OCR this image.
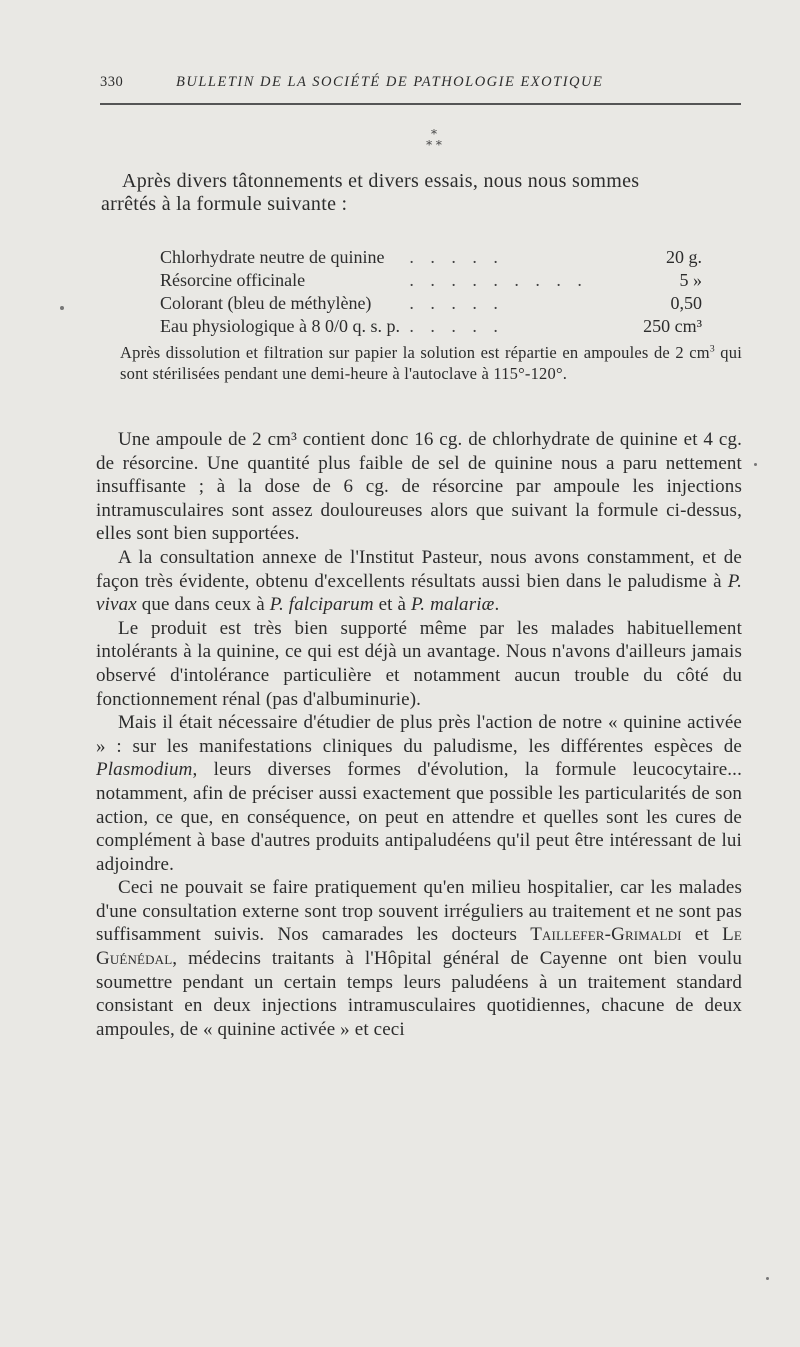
330	BULLETIN DE LA SOCIÉTÉ DE PATHOLOGIE EXOTIQUE
*
* *

Après divers tâtonnements et divers essais, nous nous sommes

arrêtés à la formule suivante :

Chlorhydrate neutre de quinine	. . . . .	20 g.
Résorcine officinale	. . . . . . . . .	5 »
Colorant (bleu de méthylène)	. . . . .	0,50
Eau physiologique à 8 0/0 q. s. p.	. . . . .	250 cm³

Après dissolution et filtration sur papier la solution est répartie en ampoules de 2 $cm^3$ qui sont stérilisées pendant une demi-heure à l'autoclave à 115°-120°.

Une ampoule de 2 cm³ contient donc 16 cg. de chlorhydrate de quinine et 4 cg. de résorcine. Une quantité plus faible de sel de quinine nous a paru nettement insuffisante ; à la dose de 6 cg. de résorcine par ampoule les injections intramusculaires sont assez douloureuses alors que suivant la formule ci-dessus, elles sont bien supportées.

A la consultation annexe de l'Institut Pasteur, nous avons constamment, et de façon très évidente, obtenu d'excellents résultats aussi bien dans le paludisme à P. vivax que dans ceux à P. falciparum et à P. malariæ.

Le produit est très bien supporté même par les malades habituellement intolérants à la quinine, ce qui est déjà un avantage. Nous n'avons d'ailleurs jamais observé d'intolérance particulière et notamment aucun trouble du côté du fonctionnement rénal (pas d'albuminurie).

Mais il était nécessaire d'étudier de plus près l'action de notre « quinine activée » : sur les manifestations cliniques du paludisme, les différentes espèces de Plasmodium, leurs diverses formes d'évolution, la formule leucocytaire... notamment, afin de préciser aussi exactement que possible les particularités de son action, ce que, en conséquence, on peut en attendre et quelles sont les cures de complément à base d'autres produits antipaludéens qu'il peut être intéressant de lui adjoindre.

Ceci ne pouvait se faire pratiquement qu'en milieu hospitalier, car les malades d'une consultation externe sont trop souvent irréguliers au traitement et ne sont pas suffisamment suivis. Nos camarades les docteurs Taillefer-Grimaldi et Le Guénédal, médecins traitants à l'Hôpital général de Cayenne ont bien voulu soumettre pendant un certain temps leurs paludéens à un traitement standard consistant en deux injections intramusculaires quotidiennes, chacune de deux ampoules, de « quinine activée » et ceci
